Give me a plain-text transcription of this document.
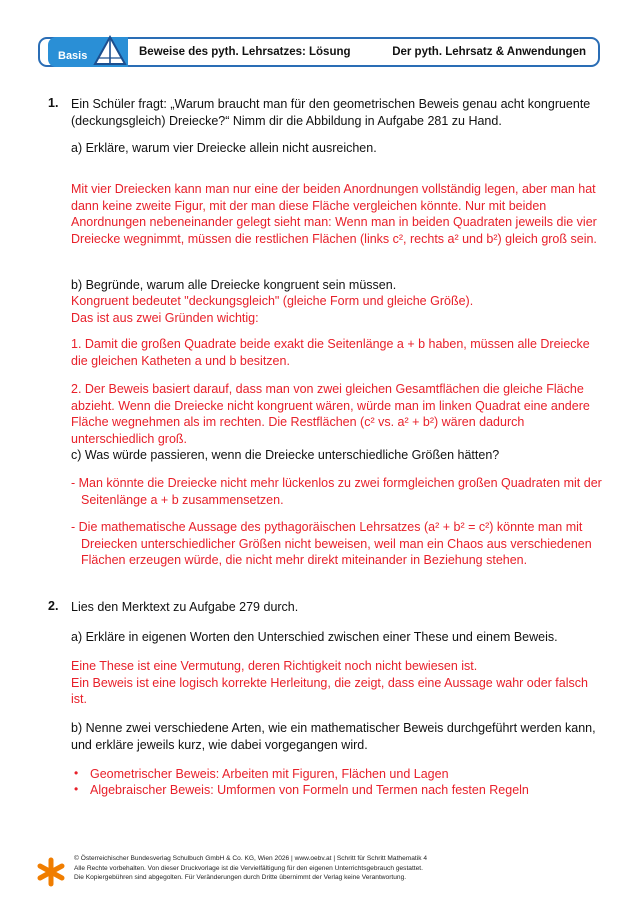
Basis	Beweise des pyth. Lehrsatzes: Lösung	Der pyth. Lehrsatz & Anwendungen
1. Ein Schüler fragt: „Warum braucht man für den geometrischen Beweis genau acht kongruente
(deckungsgleich) Dreiecke?“ Nimm dir die Abbildung in Aufgabe 281 zu Hand.
a) Erkläre, warum vier Dreiecke allein nicht ausreichen.
Mit vier Dreiecken kann man nur eine der beiden Anordnungen vollständig legen, aber man hat
dann keine zweite Figur, mit der man diese Fläche vergleichen könnte. Nur mit beiden
Anordnungen nebeneinander gelegt sieht man: Wenn man in beiden Quadraten jeweils die vier
Dreiecke wegnimmt, müssen die restlichen Flächen (links c², rechts a² und b²) gleich groß sein.
b) Begründe, warum alle Dreiecke kongruent sein müssen.
Kongruent bedeutet "deckungsgleich" (gleiche Form und gleiche Größe).
Das ist aus zwei Gründen wichtig:
1. Damit die großen Quadrate beide exakt die Seitenlänge a + b haben, müssen alle Dreiecke
die gleichen Katheten a und b besitzen.
2. Der Beweis basiert darauf, dass man von zwei gleichen Gesamtflächen die gleiche Fläche
abzieht. Wenn die Dreiecke nicht kongruent wären, würde man im linken Quadrat eine andere
Fläche wegnehmen als im rechten. Die Restflächen (c² vs. a² + b²) wären dadurch
unterschiedlich groß.
c) Was würde passieren, wenn die Dreiecke unterschiedliche Größen hätten?
- Man könnte die Dreiecke nicht mehr lückenlos zu zwei formgleichen großen Quadraten mit der
Seitenlänge a + b zusammensetzen.
- Die mathematische Aussage des pythagoräischen Lehrsatzes (a² + b² = c²) könnte man mit
Dreiecken unterschiedlicher Größen nicht beweisen, weil man ein Chaos aus verschiedenen
Flächen erzeugen würde, die nicht mehr direkt miteinander in Beziehung stehen.
2. Lies den Merktext zu Aufgabe 279 durch.
a) Erkläre in eigenen Worten den Unterschied zwischen einer These und einem Beweis.
Eine These ist eine Vermutung, deren Richtigkeit noch nicht bewiesen ist.
Ein Beweis ist eine logisch korrekte Herleitung, die zeigt, dass eine Aussage wahr oder falsch
ist.
b) Nenne zwei verschiedene Arten, wie ein mathematischer Beweis durchgeführt werden kann,
und erkläre jeweils kurz, wie dabei vorgegangen wird.
• Geometrischer Beweis: Arbeiten mit Figuren, Flächen und Lagen
• Algebraischer Beweis: Umformen von Formeln und Termen nach festen Regeln
© Österreichischer Bundesverlag Schulbuch GmbH & Co. KG, Wien 2026 | www.oebv.at | Schritt für Schritt Mathematik 4
Alle Rechte vorbehalten. Von dieser Druckvorlage ist die Vervielfältigung für den eigenen Unterrichtsgebrauch gestattet.
Die Kopiergebühren sind abgegolten. Für Veränderungen durch Dritte übernimmt der Verlag keine Verantwortung.
